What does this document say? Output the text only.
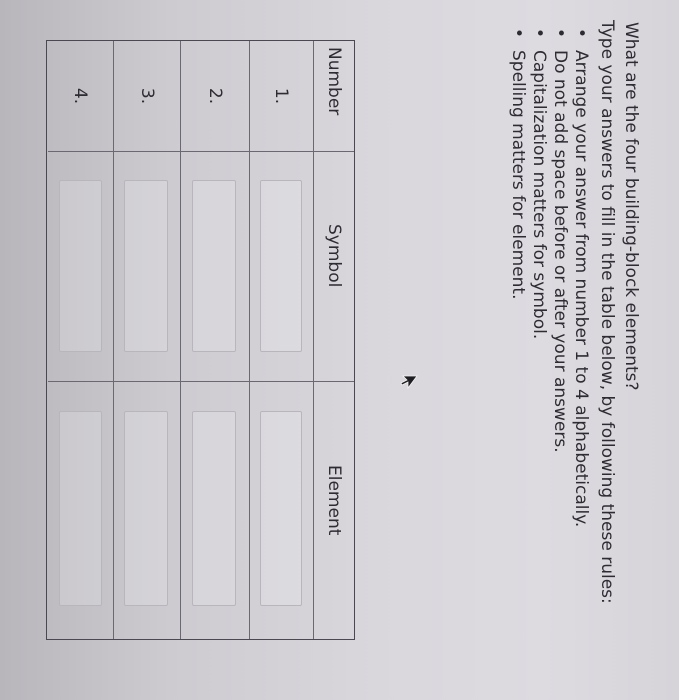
What are the four building-block elements?
Type your answers to fill in the table below, by following these rules:
•
Arrange your answer from number 1 to 4 alphabetically.
•
Do not add space before or after your answers.
•
Capitalization matters for symbol.
•
Spelling matters for element.
Number
Symbol
Element
1.
2.
3.
4.
